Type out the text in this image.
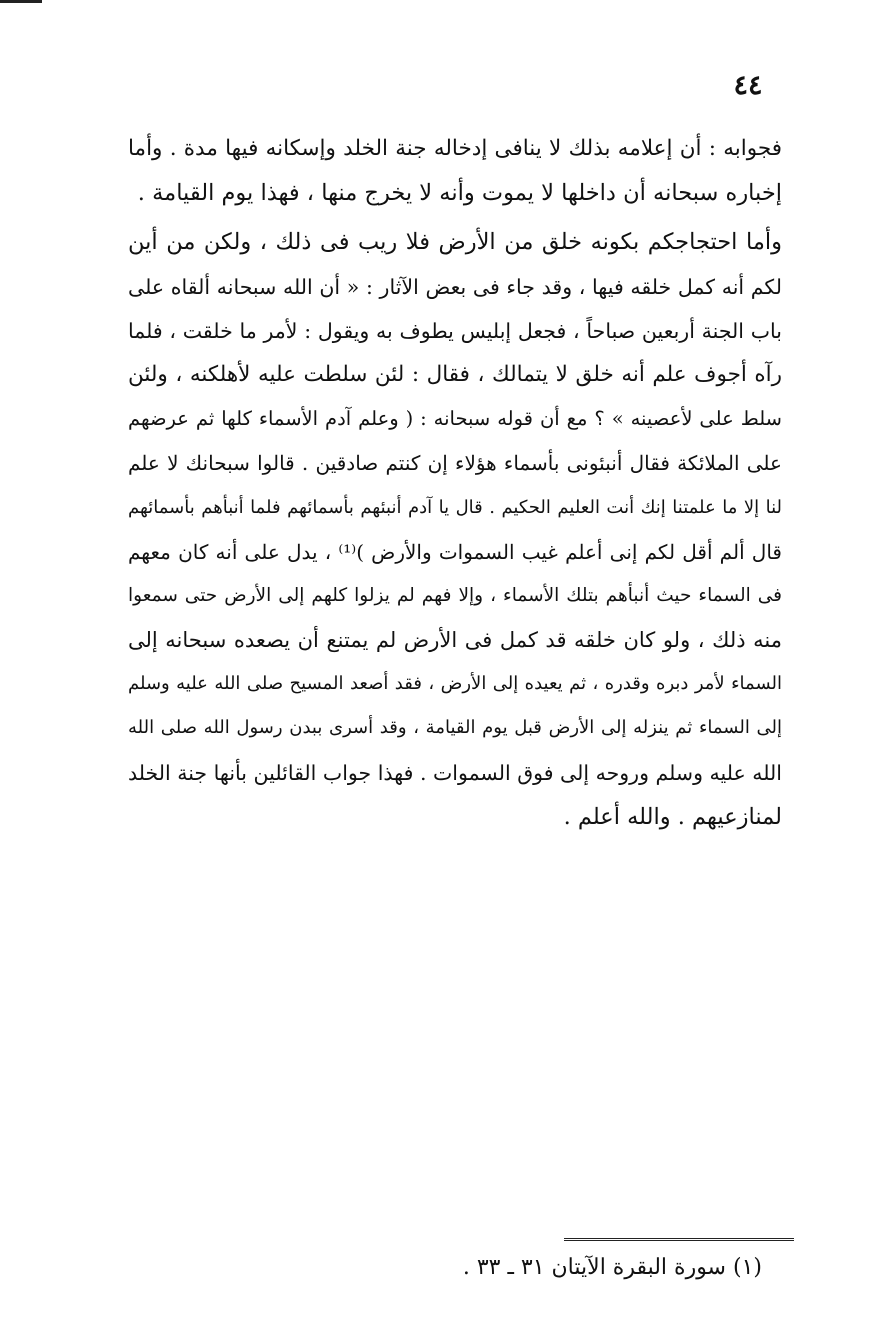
٤٤
فجوابه : أن إعلامه بذلك لا ينافى إدخاله جنة الخلد وإسكانه فيها مدة . وأما
إخباره سبحانه أن داخلها لا يموت وأنه لا يخرج منها ، فهذا يوم القيامة .
وأما احتجاجكم بكونه خلق من الأرض فلا ريب فى ذلك ، ولكن من أين
لكم أنه كمل خلقه فيها ، وقد جاء فى بعض الآثار : « أن الله سبحانه ألقاه على
باب الجنة أربعين صباحاً ، فجعل إبليس يطوف به ويقول : لأمر ما خلقت ، فلما
رآه أجوف علم أنه خلق لا يتمالك ، فقال : لئن سلطت عليه لأهلكنه ، ولئن
سلط على لأعصينه » ؟ مع أن قوله سبحانه : ( وعلم آدم الأسماء كلها ثم عرضهم
على الملائكة فقال أنبئونى بأسماء هؤلاء إن كنتم صادقين . قالوا سبحانك لا علم
لنا إلا ما علمتنا إنك أنت العليم الحكيم . قال يا آدم أنبئهم بأسمائهم فلما أنبأهم بأسمائهم
قال ألم أقل لكم إنى أعلم غيب السموات والأرض )⁽¹⁾ ، يدل على أنه كان معهم
فى السماء حيث أنبأهم بتلك الأسماء ، وإلا فهم لم يزلوا كلهم إلى الأرض حتى سمعوا
منه ذلك ، ولو كان خلقه قد كمل فى الأرض لم يمتنع أن يصعده سبحانه إلى
السماء لأمر دبره وقدره ، ثم يعيده إلى الأرض ، فقد أصعد المسيح صلى الله عليه وسلم
إلى السماء ثم ينزله إلى الأرض قبل يوم القيامة ، وقد أسرى ببدن رسول الله صلى الله
الله عليه وسلم وروحه إلى فوق السموات . فهذا جواب القائلين بأنها جنة الخلد
لمنازعيهم . والله أعلم .
(١) سورة البقرة الآيتان ٣١ ـ ٣٣ .
